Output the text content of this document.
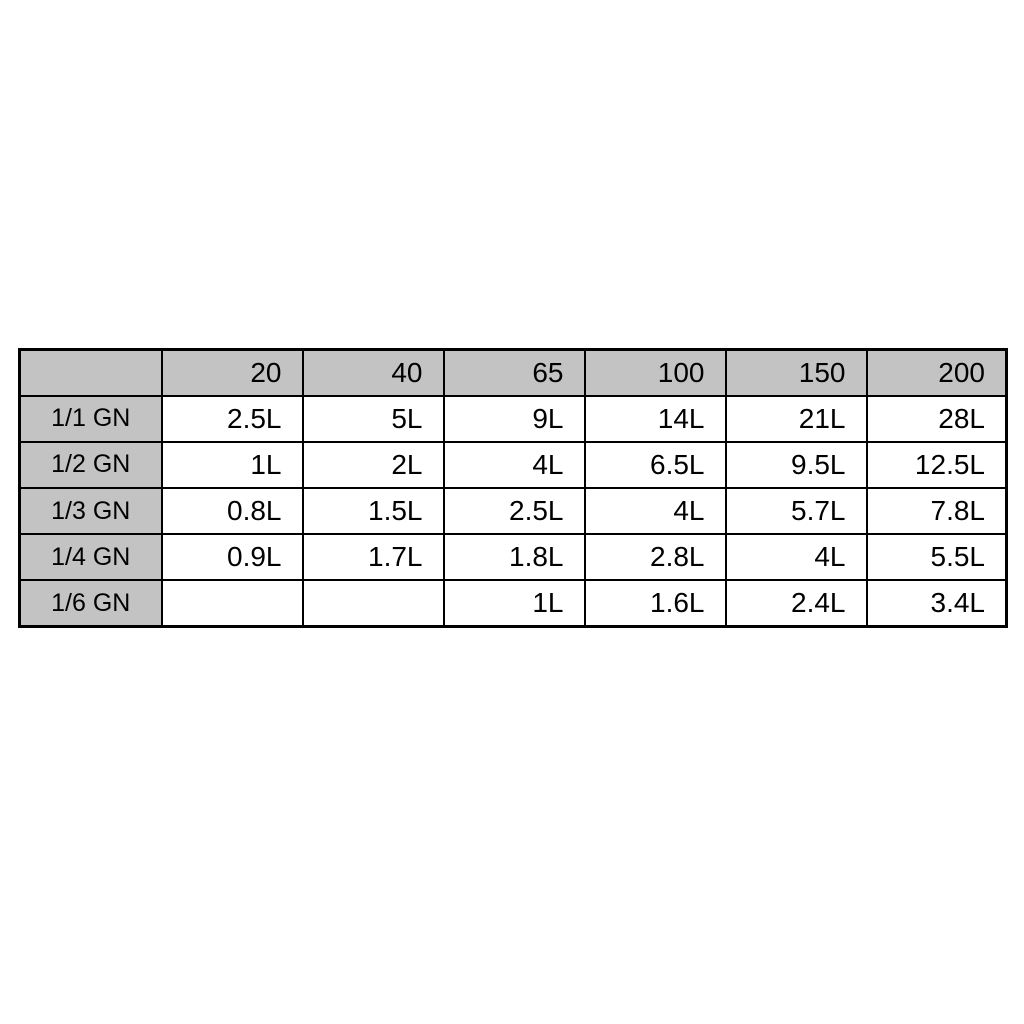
	20	40	65	100	150	200
1/1 GN	2.5L	5L	9L	14L	21L	28L
1/2 GN	1L	2L	4L	6.5L	9.5L	12.5L
1/3 GN	0.8L	1.5L	2.5L	4L	5.7L	7.8L
1/4 GN	0.9L	1.7L	1.8L	2.8L	4L	5.5L
1/6 GN			1L	1.6L	2.4L	3.4L
